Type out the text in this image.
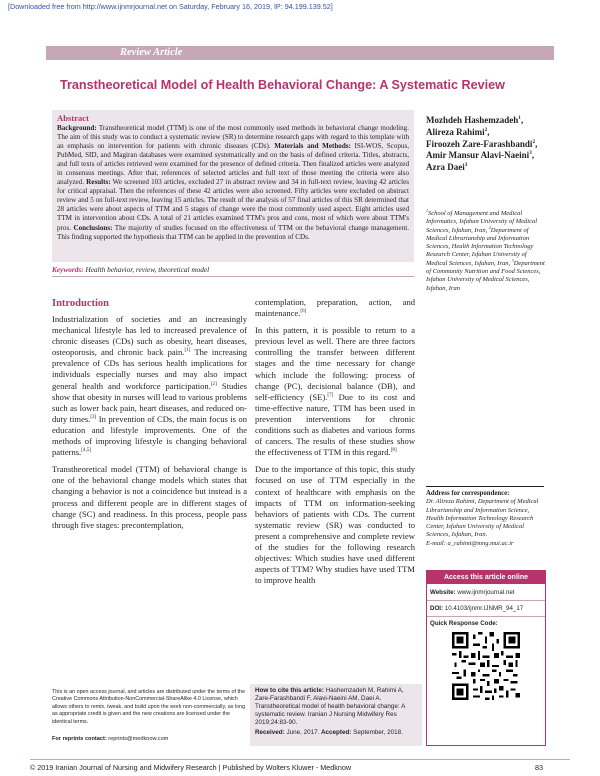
[Downloaded free from http://www.ijnmrjournal.net on Saturday, February 16, 2019, IP: 94.199.139.52]
Review Article
Transtheoretical Model of Health Behavioral Change: A Systematic Review
Abstract
Background: Transtheoretical model (TTM) is one of the most commonly used methods in behavioral change modeling. The aim of this study was to conduct a systematic review (SR) to determine research gaps with regard to this template with an emphasis on intervention for patients with chronic diseases (CDs). Materials and Methods: ISI-WOS, Scopus, PubMed, SID, and Magiran databases were examined systematically and on the basis of defined criteria. Titles, abstracts, and full texts of articles retrieved were examined for the presence of defined criteria. Then finalized articles were analyzed in consensus meetings. After that, references of selected articles and full text of those meeting the criteria were also analyzed. Results: We screened 103 articles, excluded 27 in abstract review and 34 in full-text review, leaving 42 articles for critical appraisal. Then the references of these 42 articles were also screened. Fifty articles were excluded on abstract review and 5 on full-text review, leaving 15 articles. The result of the analysis of 57 final articles of this SR determined that 28 articles were about aspects of TTM and 5 stages of change were the most commonly used aspect. Eight articles used TTM in intervention about CDs. A total of 21 articles examined TTM's pros and cons, most of which were about TTM's pros. Conclusions: The majority of studies focused on the effectiveness of TTM on the behavioral change management. This finding supported the hypothesis that TTM can be applied in the prevention of CDs.
Keywords: Health behavior, review, theoretical model
Mozhdeh Hashemzadeh$^1$,
Alireza Rahimi$^2$,
Firoozeh Zare-Farashbandi$^2$,
Amir Mansur Alavi-Naeini$^3$,
Azra Daei$^3$
$^1$School of Management and Medical Informatics, Isfahan University of Medical Sciences, Isfahan, Iran, $^2$Department of Medical Librarianship and Information Sciences, Health Information Technology Research Center, Isfahan University of Medical Sciences, Isfahan, Iran, $^3$Department of Community Nutrition and Food Sciences, Isfahan University of Medical Sciences, Isfahan, Iran
Address for correspondence:
Dr. Alireza Rahimi, Department of Medical Librarianship and Information Science, Health Information Technology Research Center, Isfahan University of Medical Sciences, Isfahan, Iran.
E-mail: a_rahimi@mng.mui.ac.ir
Introduction

Industrialization of societies and an increasingly mechanical lifestyle has led to increased prevalence of chronic diseases (CDs) such as obesity, heart diseases, osteoporosis, and chronic back pain.[1] The increasing prevalence of CDs has serious health implications for individuals especially nurses and may also impact general health and workforce participation.[2] Studies show that obesity in nurses will lead to various problems such as lower back pain, heart diseases, and reduced on-duty times.[3] In prevention of CDs, the main focus is on education and lifestyle improvements. One of the methods of improving lifestyle is changing behavioral patterns.[4,5]

Transtheoretical model (TTM) of behavioral change is one of the behavioral change models which states that changing a behavior is not a coincidence but instead is a process and different people are in different stages of change (SC) and readiness. In this process, people pass through five stages: precontemplation,

contemplation, preparation, action, and maintenance.[6]

In this pattern, it is possible to return to a previous level as well. There are three factors controlling the transfer between different stages and the time necessary for change which include the following: process of change (PC), decisional balance (DB), and self-efficiency (SE).[7] Due to its cost and time-effective nature, TTM has been used in prevention interventions for chronic conditions such as diabetes and various forms of cancers. The results of these studies show the effectiveness of TTM in this regard.[8]

Due to the importance of this topic, this study focused on use of TTM especially in the context of healthcare with emphasis on the impacts of TTM on information-seeking behaviors of patients with CDs. The current systematic review (SR) was conducted to present a comprehensive and complete review of the studies for the following research objectives: Which studies have used different aspects of TTM? Why studies have used TTM to improve health

This is an open access journal, and articles are distributed under the terms of the Creative Commons Attribution-NonCommercial-ShareAlike 4.0 License, which allows others to remix, tweak, and build upon the work non-commercially, as long as appropriate credit is given and the new creations are licensed under the identical terms.
For reprints contact: reprints@medknow.com
How to cite this article: Hashemzadeh M, Rahimi A, Zare-Farashbandi F, Alavi-Naeini AM, Daei A. Transtheoretical model of health behavioral change: A systematic review. Iranian J Nursing Midwifery Res 2019;24:83-90.
Received: June, 2017. Accepted: September, 2018.
Access this article online
Website: www.ijnmrjournal.net
DOI: 10.4103/ijnmr.IJNMR_94_17
Quick Response Code:
© 2019 Iranian Journal of Nursing and Midwifery Research | Published by Wolters Kluwer - Medknow	83
